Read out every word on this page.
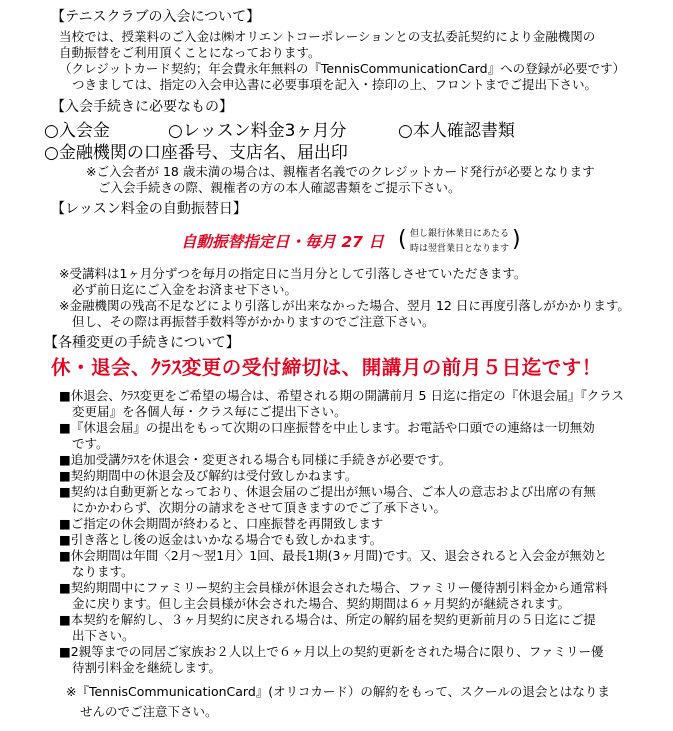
【テニスクラブの入会について】
当校では、授業料のご入金は㈱オリエントコーポレーションとの支払委託契約により金融機関の
自動振替をご利用頂くことになっております。
（クレジットカード契約；年会費永年無料の『TennisCommunicationCard』への登録が必要です）
つきましては、指定の入会申込書に必要事項を記入・捺印の上、フロントまでご提出下さい。
【入会手続きに必要なもの】
○入会金	○レッスン料金3ヶ月分	○本人確認書類
○金融機関の口座番号、支店名、届出印
※ご入会者が 18 歳未満の場合は、親権者名義でのクレジットカード発行が必要となります
ご入会手続きの際、親権者の方の本人確認書類をご提示下さい。
【レッスン料金の自動振替日】
自動振替指定日・毎月 27 日 ( 但し銀行休業日にあたる
時は翌営業日となります )
※受講料は1ヶ月分ずつを毎月の指定日に当月分として引落しさせていただきます。
必ず前日迄にご入金をお済ませ下さい。
※金融機関の残高不足などにより引落しが出来なかった場合、翌月 12 日に再度引落しがかかります。
但し、その際は再振替手数料等がかかりますのでご注意下さい。
【各種変更の手続きについて】
休・退会、ｸﾗｽ変更の受付締切は、開講月の前月５日迄です！
■休退会、ｸﾗｽ変更をご希望の場合は、希望される期の開講前月 5 日迄に指定の『休退会届』『クラス
変更届』を各個人毎・クラス毎にご提出下さい。
■『休退会届』の提出をもって次期の口座振替を中止します。お電話や口頭での連絡は一切無効
です。
■追加受講ｸﾗｽを休退会・変更される場合も同様に手続きが必要です。
■契約期間中の休退会及び解約は受付致しかねます。
■契約は自動更新となっており、休退会届のご提出が無い場合、ご本人の意志および出席の有無
にかかわらず、次期分の請求をさせて頂きますのでご了承下さい。
■ご指定の休会期間が終わると、口座振替を再開致します
■引き落とし後の返金はいかなる場合でも致しかねます。
■休会期間は年間〈2月～翌1月〉1回、最長1期(3ヶ月間)です。又、退会されると入会金が無効と
なります。
■契約期間中にファミリー契約主会員様が休退会された場合、ファミリー優待割引料金から通常料
金に戻ります。但し主会員様が休会された場合、契約期間は６ヶ月契約が継続されます。
■本契約を解約し、３ヶ月契約に戻される場合は、所定の解約届を契約更新前月の５日迄にご提
出下さい。
■2親等までの同居ご家族お２人以上で６ヶ月以上の契約更新をされた場合に限り、ファミリー優
待割引料金を継続します。
※『TennisCommunicationCard』(オリコカード）の解約をもって、スクールの退会とはなりま
せんのでご注意下さい。
